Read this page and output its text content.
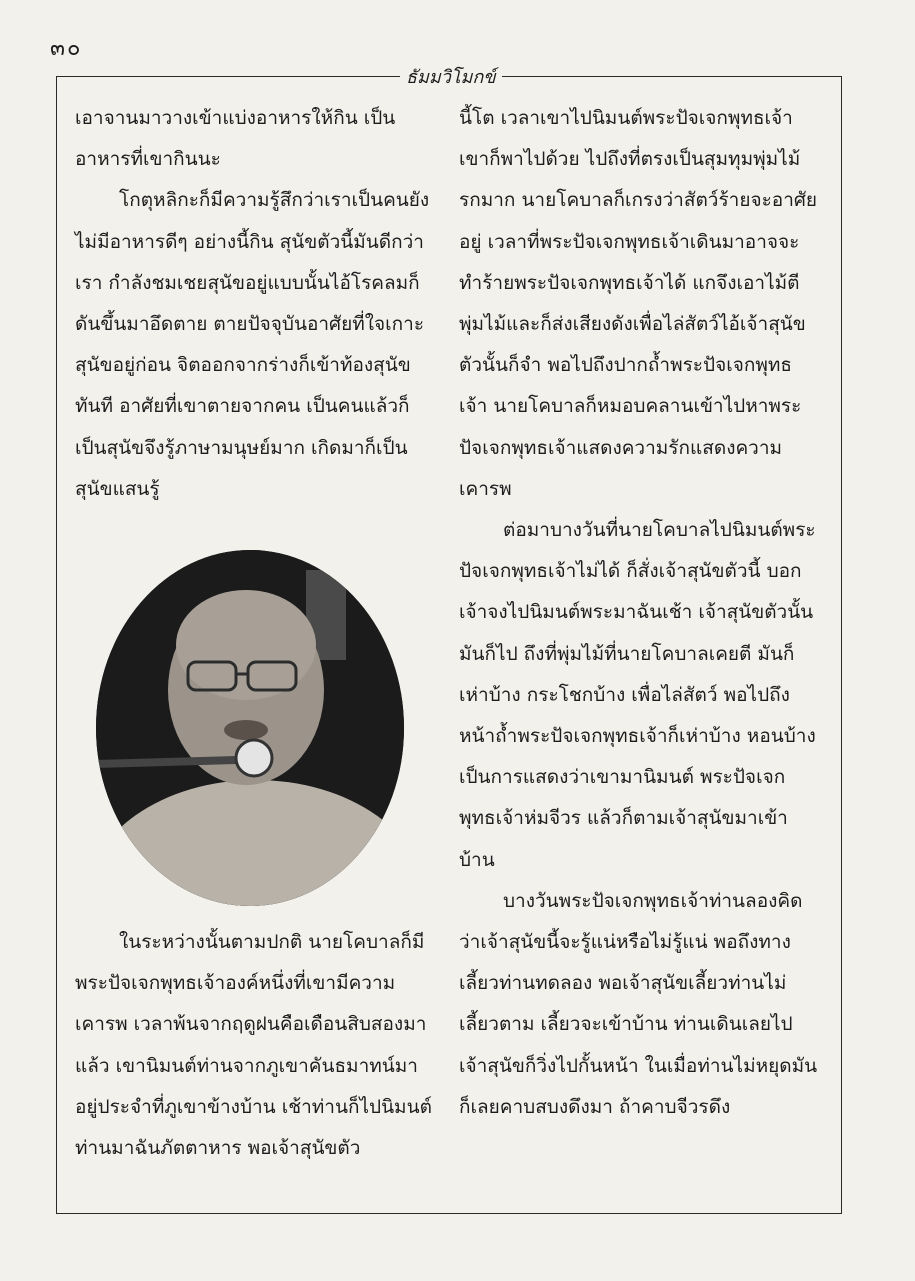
๓๐
ธัมมวิโมกข์

เอาจานมาวางเข้าแบ่งอาหารให้กิน เป็นอาหารที่เขากินนะ

โกตุหลิกะก็มีความรู้สึกว่าเราเป็นคนยังไม่มีอาหารดีๆ อย่างนี้กิน สุนัขตัวนี้มันดีกว่าเรา กำลังชมเชยสุนัขอยู่แบบนั้นไอ้โรคลมก็ดันขึ้นมาอึดตาย ตายปัจจุบันอาศัยที่ใจเกาะสุนัขอยู่ก่อน จิตออกจากร่างก็เข้าท้องสุนัขทันที อาศัยที่เขาตายจากคน เป็นคนแล้วก็เป็นสุนัขจึงรู้ภาษามนุษย์มาก เกิดมาก็เป็นสุนัขแสนรู้

ในระหว่างนั้นตามปกติ นายโคบาลก็มีพระปัจเจกพุทธเจ้าองค์หนึ่งที่เขามีความเคารพ เวลาพ้นจากฤดูฝนคือเดือนสิบสองมาแล้ว เขานิมนต์ท่านจากภูเขาคันธมาทน์มาอยู่ประจำที่ภูเขาข้างบ้าน เช้าท่านก็ไปนิมนต์ท่านมาฉันภัตตาหาร พอเจ้าสุนัขตัว

นี้โต เวลาเขาไปนิมนต์พระปัจเจกพุทธเจ้าเขาก็พาไปด้วย ไปถึงที่ตรงเป็นสุมทุมพุ่มไม้รกมาก นายโคบาลก็เกรงว่าสัตว์ร้ายจะอาศัยอยู่ เวลาที่พระปัจเจกพุทธเจ้าเดินมาอาจจะทำร้ายพระปัจเจกพุทธเจ้าได้ แกจึงเอาไม้ตีพุ่มไม้และก็ส่งเสียงดังเพื่อไล่สัตว์ไอ้เจ้าสุนัขตัวนั้นก็จำ พอไปถึงปากถ้ำพระปัจเจกพุทธเจ้า นายโคบาลก็หมอบคลานเข้าไปหาพระปัจเจกพุทธเจ้าแสดงความรักแสดงความเคารพ

ต่อมาบางวันที่นายโคบาลไปนิมนต์พระปัจเจกพุทธเจ้าไม่ได้ ก็สั่งเจ้าสุนัขตัวนี้ บอกเจ้าจงไปนิมนต์พระมาฉันเช้า เจ้าสุนัขตัวนั้นมันก็ไป ถึงที่พุ่มไม้ที่นายโคบาลเคยตี มันก็เห่าบ้าง กระโชกบ้าง เพื่อไล่สัตว์ พอไปถึงหน้าถ้ำพระปัจเจกพุทธเจ้าก็เห่าบ้าง หอนบ้าง เป็นการแสดงว่าเขามานิมนต์ พระปัจเจกพุทธเจ้าห่มจีวร แล้วก็ตามเจ้าสุนัขมาเข้าบ้าน

บางวันพระปัจเจกพุทธเจ้าท่านลองคิดว่าเจ้าสุนัขนี้จะรู้แน่หรือไม่รู้แน่ พอถึงทางเลี้ยวท่านทดลอง พอเจ้าสุนัขเลี้ยวท่านไม่เลี้ยวตาม เลี้ยวจะเข้าบ้าน ท่านเดินเลยไป เจ้าสุนัขก็วิ่งไปกั้นหน้า ในเมื่อท่านไม่หยุดมันก็เลยคาบสบงดึงมา ถ้าคาบจีวรดึง
